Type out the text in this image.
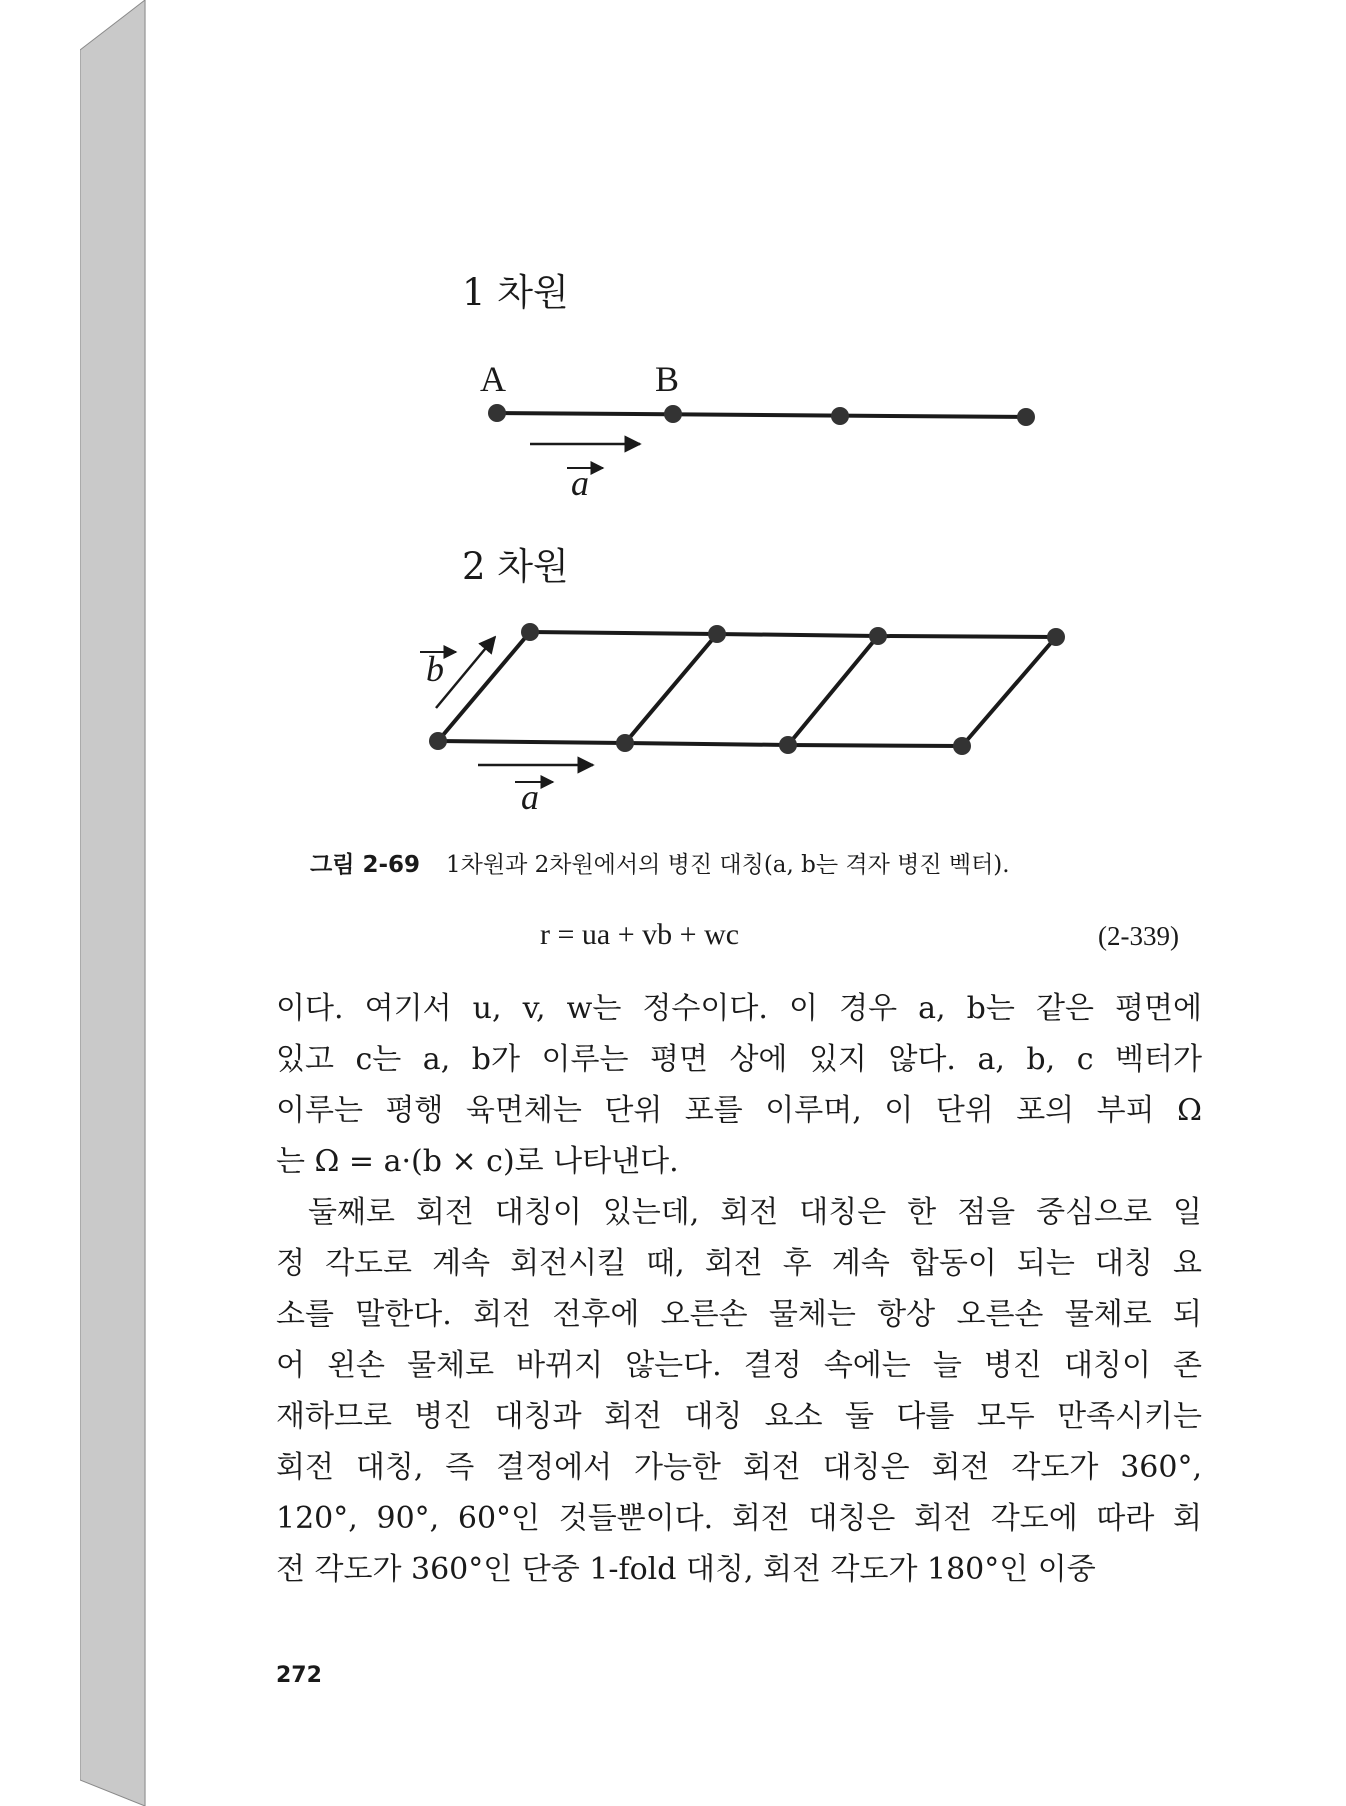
1 차원
2 차원
A	B
a
b
a
그림 2-69 1차원과 2차원에서의 병진 대칭(a, b는 격자 병진 벡터).
r = ua + vb + wc	(2-339)
이다. 여기서 u, v, w는 정수이다. 이 경우 a, b는 같은 평면에
있고 c는 a, b가 이루는 평면 상에 있지 않다. a, b, c 벡터가
이루는 평행 육면체는 단위 포를 이루며, 이 단위 포의 부피 Ω
는 Ω = a·(b × c)로 나타낸다.
둘째로 회전 대칭이 있는데, 회전 대칭은 한 점을 중심으로 일
정 각도로 계속 회전시킬 때, 회전 후 계속 합동이 되는 대칭 요
소를 말한다. 회전 전후에 오른손 물체는 항상 오른손 물체로 되
어 왼손 물체로 바뀌지 않는다. 결정 속에는 늘 병진 대칭이 존
재하므로 병진 대칭과 회전 대칭 요소 둘 다를 모두 만족시키는
회전 대칭, 즉 결정에서 가능한 회전 대칭은 회전 각도가 360°,
120°, 90°, 60°인 것들뿐이다. 회전 대칭은 회전 각도에 따라 회
전 각도가 360°인 단중 1-fold 대칭, 회전 각도가 180°인 이중
272
